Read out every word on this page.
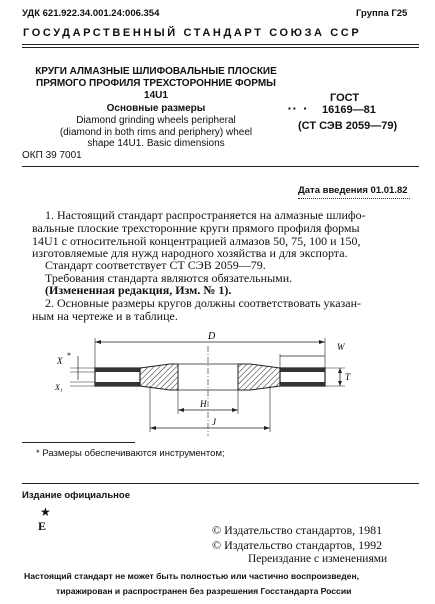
УДК 621.922.34.001.24:006.354	Группа Г25
ГОСУДАРСТВЕННЫЙ СТАНДАРТ СОЮЗА ССР
КРУГИ АЛМАЗНЫЕ ШЛИФОВАЛЬНЫЕ ПЛОСКИЕ
ПРЯМОГО ПРОФИЛЯ ТРЕХСТОРОННИЕ ФОРМЫ
14U1
Основные размеры
Diamond grinding wheels peripheral
(diamond in both rims and periphery) wheel
shape 14U1. Basic dimensions
ГОСТ
▪ ▪    ▪ 16169—81
(СТ СЭВ 2059—79)
ОКП 39 7001
Дата введения 01.01.82
1. Настоящий стандарт распространяется на алмазные шлифо-
вальные плоские трехсторонние круги прямого профиля формы
14U1 с относительной концентрацией алмазов 50, 75, 100 и 150,
изготовляемые для нужд народного хозяйства и для экспорта.
Стандарт соответствует СТ СЭВ 2059—79.
Требования стандарта являются обязательными.
(Измененная редакция, Изм. № 1).
2. Основные размеры кругов должны соответствовать указан-
ным на чертеже и в таблице.
D
H
J
W
T
X
*
X₁
* Размеры обеспечиваются инструментом;
Издание официальное
★
Е	© Издательство стандартов, 1981
© Издательство стандартов, 1992
Переиздание с изменениями
Настоящий стандарт не может быть полностью или частично воспроизведен,
тиражирован и распространен без разрешения Госстандарта России
